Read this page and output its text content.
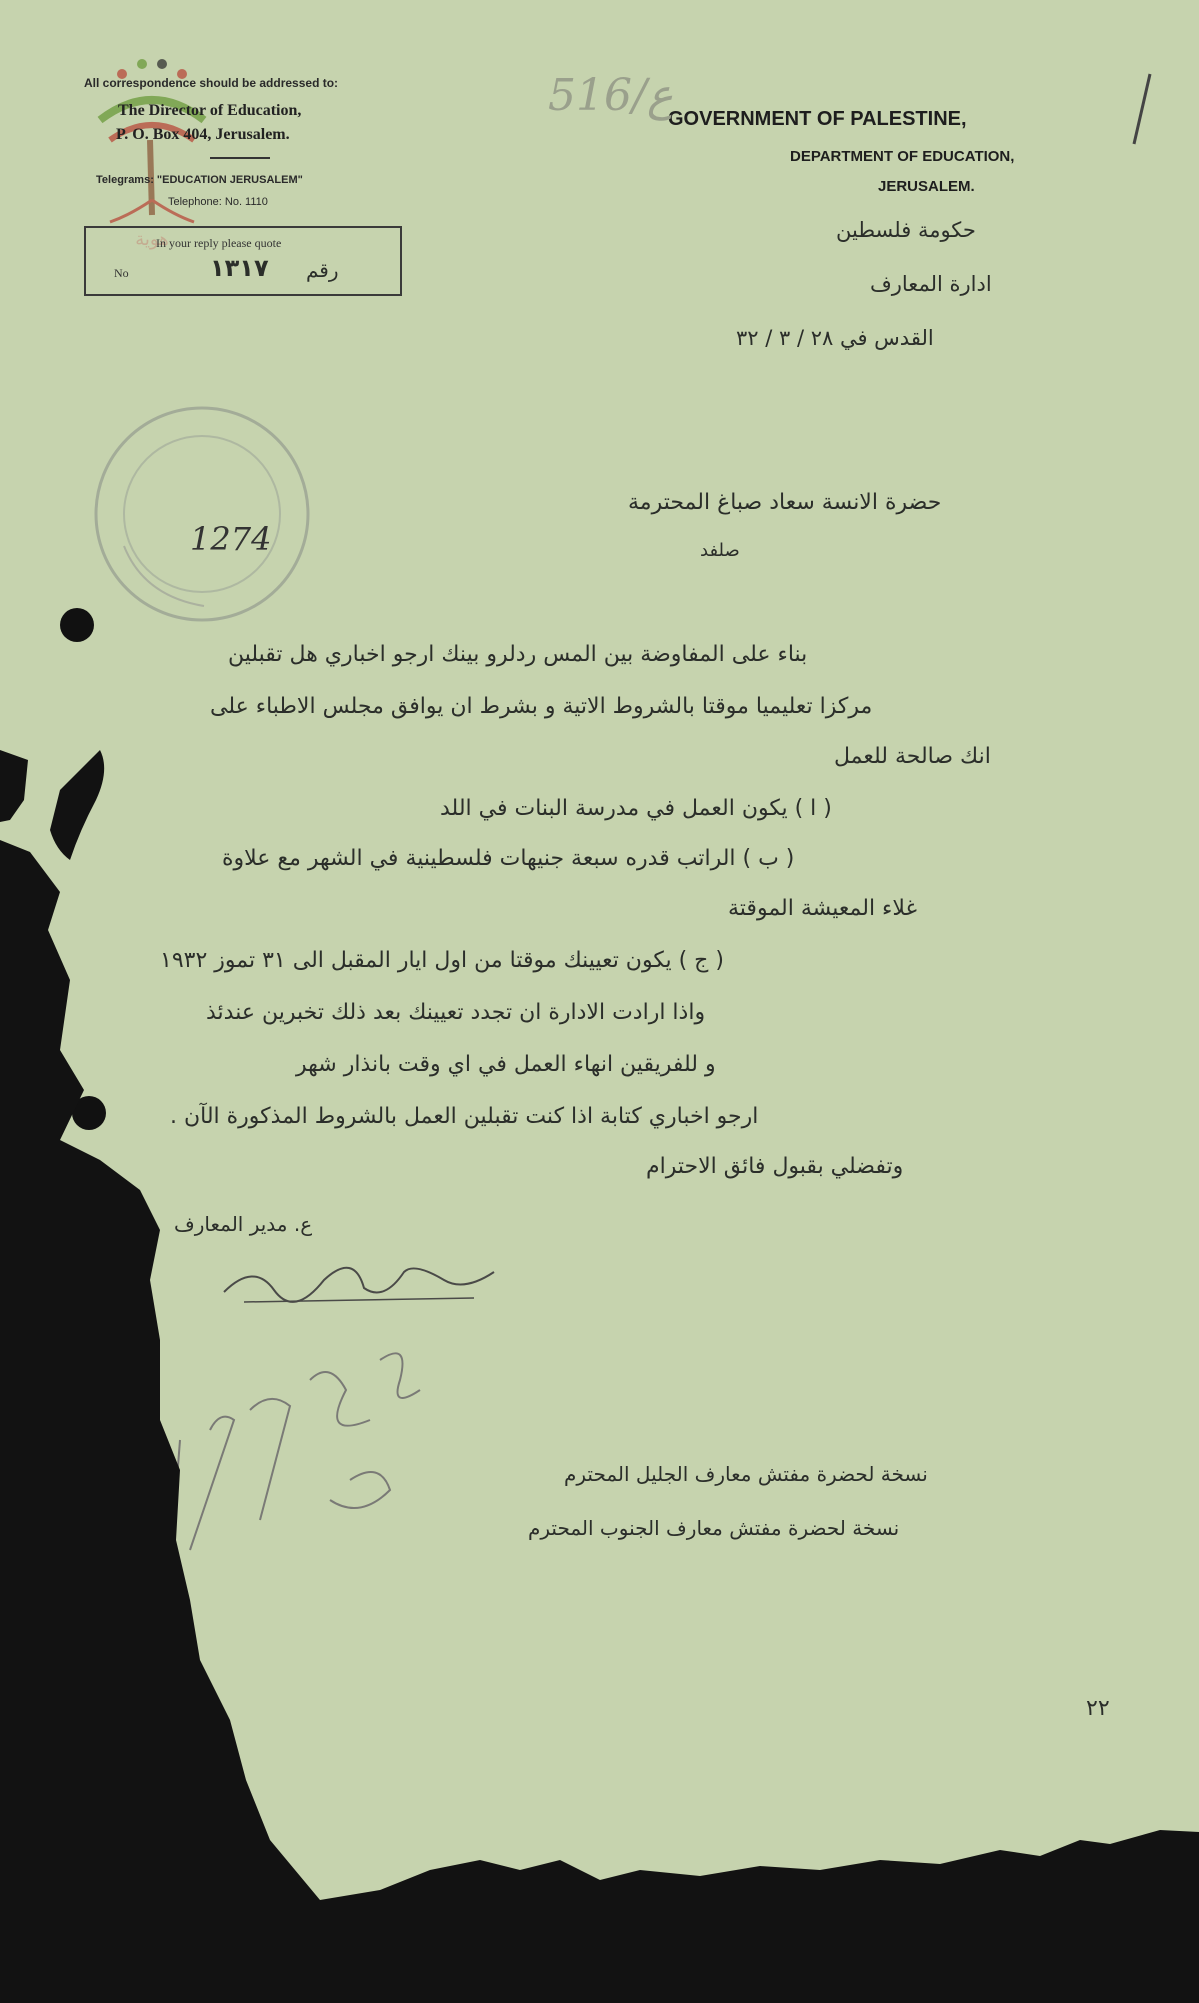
هوية

All correspondence should be addressed to:

The Director of Education,

P. O. Box 404, Jerusalem.

Telegrams: "EDUCATION JERUSALEM"

Telephone: No. 1110

In your reply please quote

No	١٣١٧ رقم

GOVERNMENT OF PALESTINE,

DEPARTMENT OF EDUCATION,

JERUSALEM.

حكومة فلسطين

ادارة المعارف

القدس في ٢٨ / ٣ / ٣٢

516/ع

1274

حضرة الانسة سعاد صباغ المحترمة

صلفد

بناء على المفاوضة بين المس ردلرو بينك ارجو اخباري هل تقبلين

مركزا تعليميا موقتا بالشروط الاتية و بشرط ان يوافق مجلس الاطباء على

انك صالحة للعمل

( ا ) يكون العمل في مدرسة البنات في اللد

( ب ) الراتب قدره سبعة جنيهات فلسطينية في الشهر مع علاوة

غلاء المعيشة الموقتة

( ج ) يكون تعيينك موقتا من اول ايار المقبل الى ٣١ تموز ١٩٣٢

واذا ارادت الادارة ان تجدد تعيينك بعد ذلك تخبرين عندئذ

و للفريقين انهاء العمل في اي وقت بانذار شهر

ارجو اخباري كتابة اذا كنت تقبلين العمل بالشروط المذكورة الآن .

وتفضلي بقبول فائق الاحترام

ع. مدير المعارف

نسخة لحضرة مفتش معارف الجليل المحترم

نسخة لحضرة مفتش معارف الجنوب المحترم

٢٢
